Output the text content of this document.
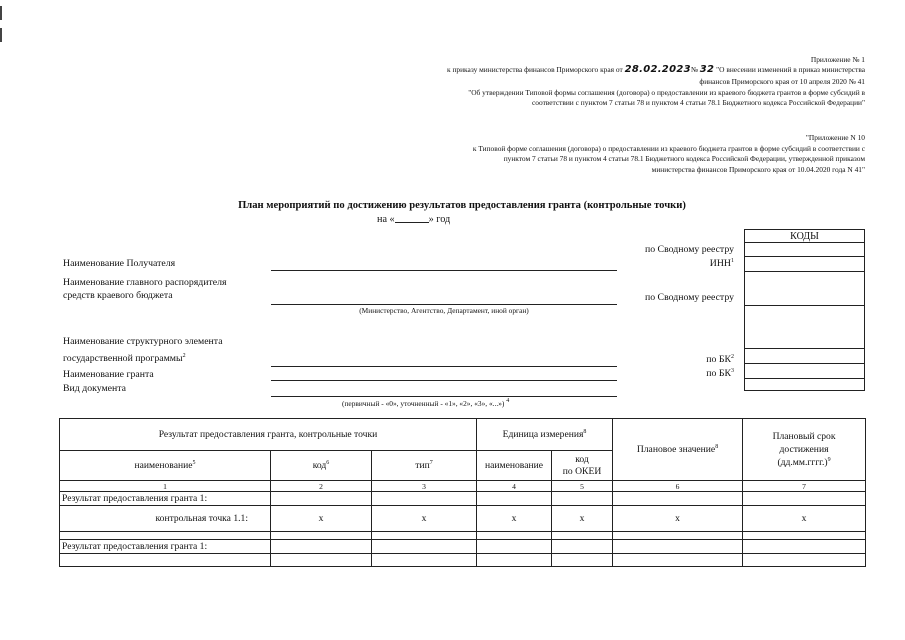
Приложение № 1
к приказу министерства финансов Приморского края от 28.02.2023№ 32 "О внесении изменений в приказ министерства
финансов Приморского края от 10 апреля 2020 № 41
"Об утверждении Типовой формы соглашения (договора) о предоставлении из краевого бюджета грантов в форме субсидий в
соответствии с пунктом 7 статьи 78 и пунктом 4 статьи 78.1 Бюджетного кодекса Российской Федерации"
"Приложение N 10
к Типовой форме соглашения (договора) о предоставлении из краевого бюджета грантов в форме субсидий в соответствии с
пунктом 7 статьи 78 и пунктом 4 статьи 78.1 Бюджетного кодекса Российской Федерации, утвержденной приказом
министерства финансов Приморского края от 10.04.2020 года N 41"
План мероприятий по достижению результатов предоставления гранта (контрольные точки)
на «	» год
Наименование Получателя
Наименование главного распорядителя
средств краевого бюджета
Наименование структурного элемента
государственной программы$^2$
Наименование гранта
Вид документа
(Министерство, Агентство, Департамент, иной орган)
(первичный - «0», уточненный - «1», «2», «3», «...») $^4$
по Сводному реестру
ИНН$^1$
по Сводному реестру
по $БК^2$
по $БК^3$
КОДЫ

Результат предоставления гранта, контрольные точки			Единица измерения$^8$		Плановое значение$^8$	Плановый срок
достижения
(дд.мм.гггг.)$^9$

наименование$^5$	код$^6$	тип$^7$	наименование	код
по ОКЕИ		

1	2	3	4	5	6	7
Результат предоставления гранта 1:						
контрольная точка 1.1:	x	x	x	x	x	x

Результат предоставления гранта 1:						
